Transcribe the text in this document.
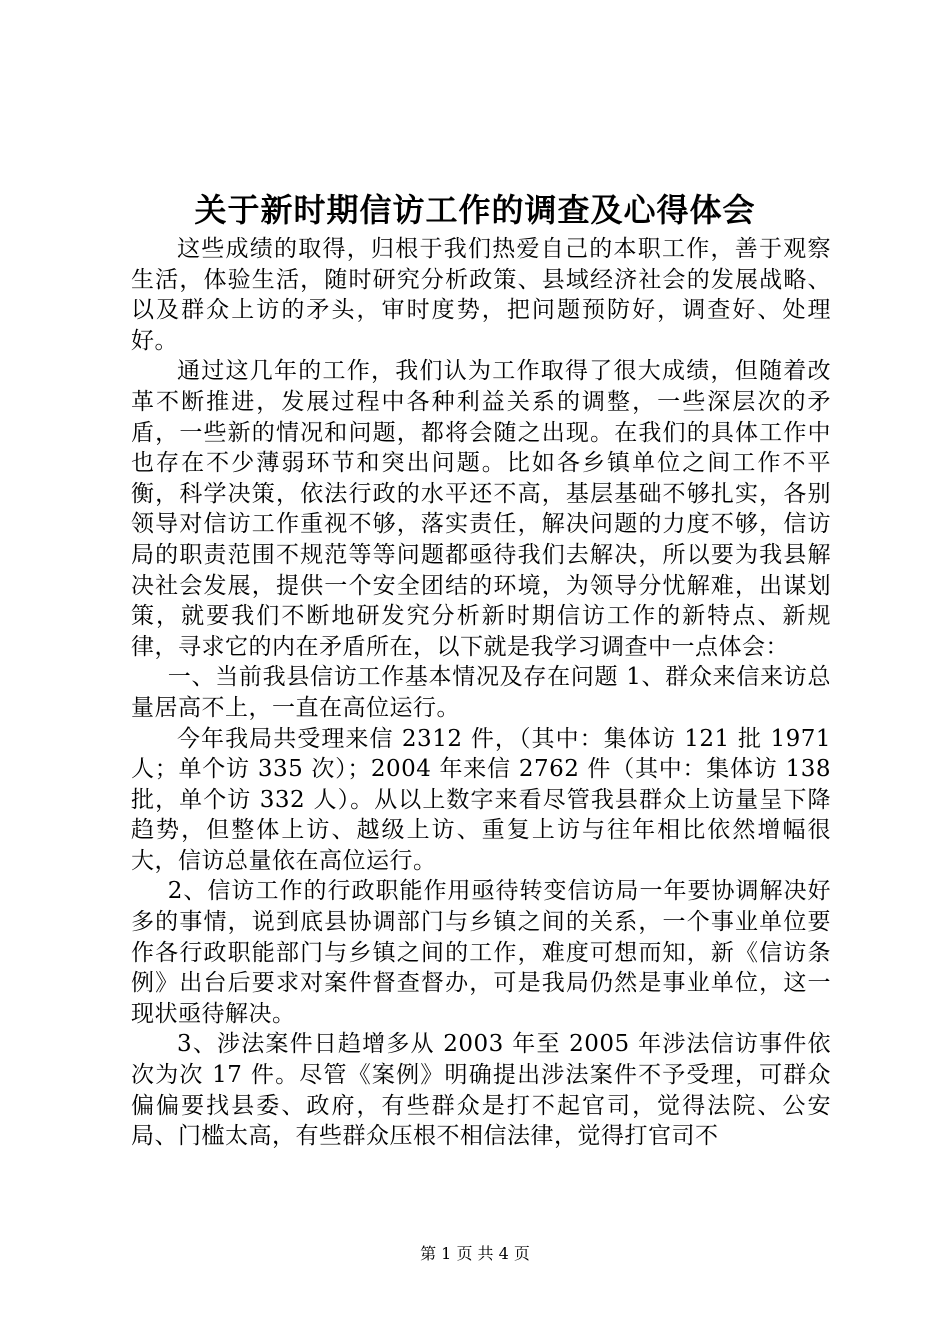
关于新时期信访工作的调查及心得体会

这些成绩的取得，归根于我们热爱自己的本职工作，善于观察生活，体验生活，随时研究分析政策、县域经济社会的发展战略、以及群众上访的矛头，审时度势，把问题预防好，调查好、处理好。

通过这几年的工作，我们认为工作取得了很大成绩，但随着改革不断推进，发展过程中各种利益关系的调整，一些深层次的矛盾，一些新的情况和问题，都将会随之出现。在我们的具体工作中也存在不少薄弱环节和突出问题。比如各乡镇单位之间工作不平衡，科学决策，依法行政的水平还不高，基层基础不够扎实，各别领导对信访工作重视不够，落实责任，解决问题的力度不够，信访局的职责范围不规范等等问题都亟待我们去解决，所以要为我县解决社会发展，提供一个安全团结的环境，为领导分忧解难，出谋划策，就要我们不断地研发究分析新时期信访工作的新特点、新规律，寻求它的内在矛盾所在，以下就是我学习调查中一点体会：

一、当前我县信访工作基本情况及存在问题 1、群众来信来访总量居高不上，一直在高位运行。

今年我局共受理来信 2312 件，（其中：集体访 121 批 1971 人；单个访 335 次）；2004 年来信 2762 件（其中：集体访 138 批，单个访 332 人）。从以上数字来看尽管我县群众上访量呈下降趋势，但整体上访、越级上访、重复上访与往年相比依然增幅很大，信访总量依在高位运行。

2、信访工作的行政职能作用亟待转变信访局一年要协调解决好多的事情，说到底县协调部门与乡镇之间的关系，一个事业单位要作各行政职能部门与乡镇之间的工作，难度可想而知，新《信访条例》出台后要求对案件督查督办，可是我局仍然是事业单位，这一现状亟待解决。

3、涉法案件日趋增多从 2003 年至 2005 年涉法信访事件依次为次 17 件。尽管《案例》明确提出涉法案件不予受理，可群众偏偏要找县委、政府，有些群众是打不起官司，觉得法院、公安局、门槛太高，有些群众压根不相信法律，觉得打官司不

第 1 页 共 4 页
